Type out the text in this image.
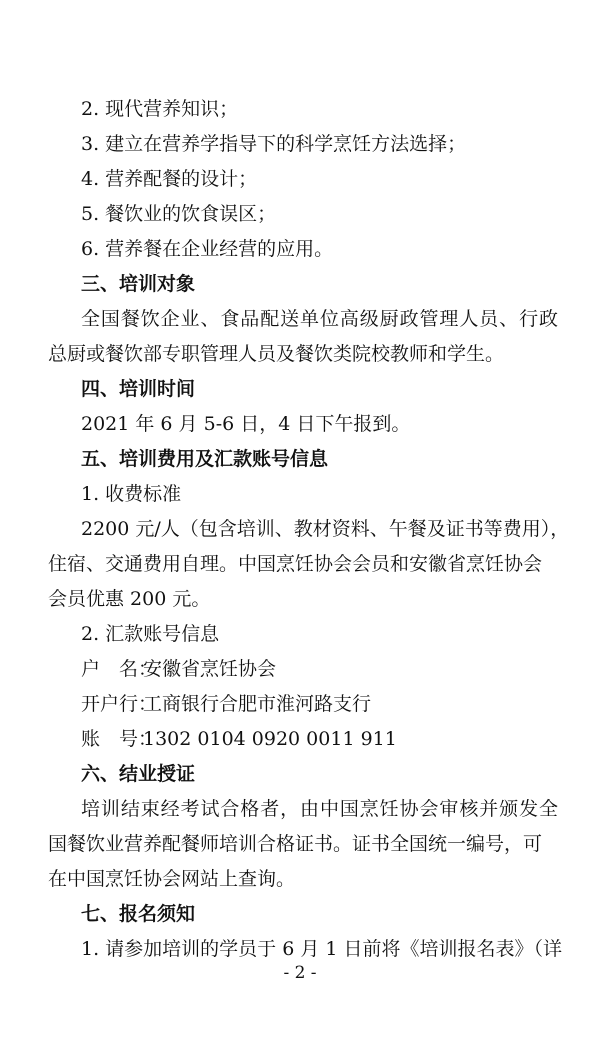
2. 现代营养知识；
3. 建立在营养学指导下的科学烹饪方法选择；
4. 营养配餐的设计；
5. 餐饮业的饮食误区；
6. 营养餐在企业经营的应用。
三、培训对象
全国餐饮企业、食品配送单位高级厨政管理人员、行政
总厨或餐饮部专职管理人员及餐饮类院校教师和学生。
四、培训时间
2021 年 6 月 5-6 日，4 日下午报到。
五、培训费用及汇款账号信息
1. 收费标准
2200 元/人（包含培训、教材资料、午餐及证书等费用），
住宿、交通费用自理。中国烹饪协会会员和安徽省烹饪协会
会员优惠 200 元。
2. 汇款账号信息
户　名：安徽省烹饪协会
开户行：工商银行合肥市淮河路支行
账　号：1302 0104 0920 0011 911
六、结业授证
培训结束经考试合格者，由中国烹饪协会审核并颁发全
国餐饮业营养配餐师培训合格证书。证书全国统一编号，可
在中国烹饪协会网站上查询。
七、报名须知
1. 请参加培训的学员于 6 月 1 日前将《培训报名表》（详
- 2 -
